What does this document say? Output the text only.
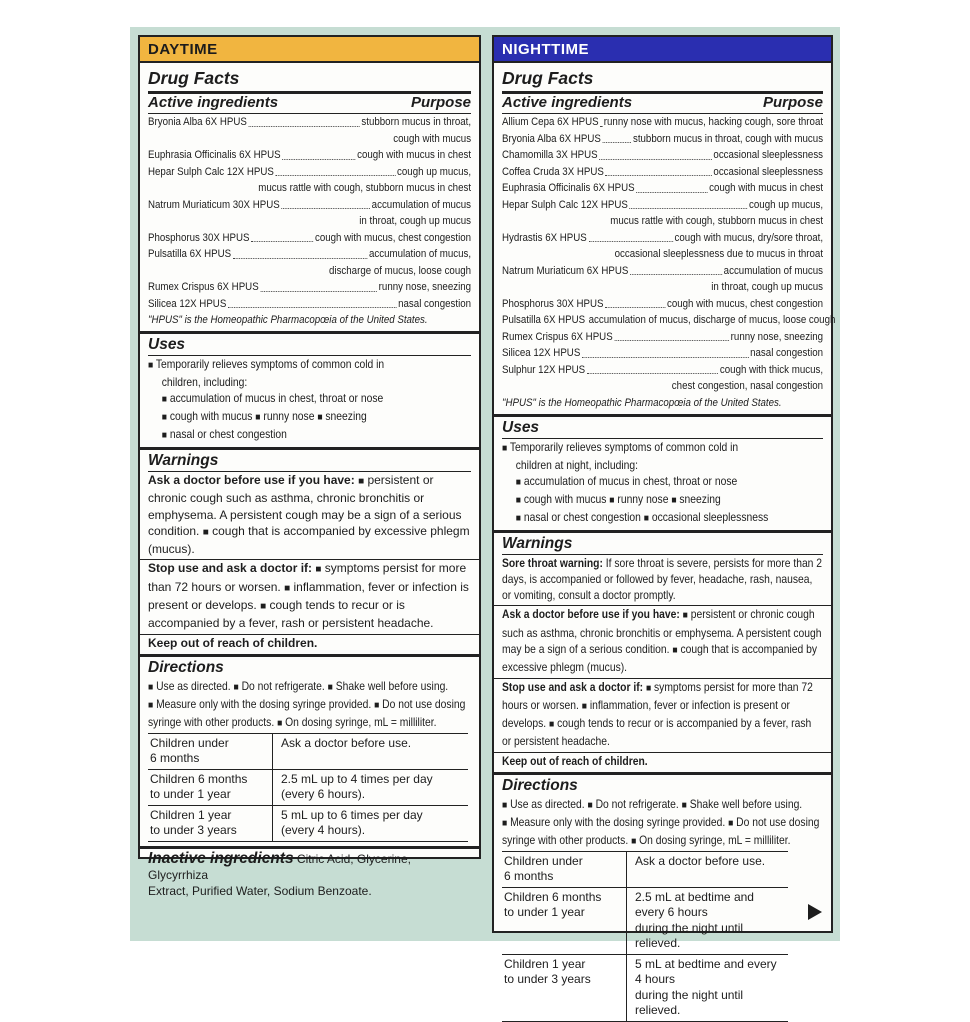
DAYTIME
Drug Facts
Active ingredients	Purpose
Bryonia Alba 6X HPUS	stubborn mucus in throat,
cough with mucus
Euphrasia Officinalis 6X HPUS	cough with mucus in chest
Hepar Sulph Calc 12X HPUS	cough up mucus,
mucus rattle with cough, stubborn mucus in chest
Natrum Muriaticum 30X HPUS	accumulation of mucus
in throat, cough up mucus
Phosphorus 30X HPUS	cough with mucus, chest congestion
Pulsatilla 6X HPUS	accumulation of mucus,
discharge of mucus, loose cough
Rumex Crispus 6X HPUS	runny nose, sneezing
Silicea 12X HPUS	nasal congestion
"HPUS" is the Homeopathic Pharmacopœia of the United States.
Uses
■ Temporarily relieves symptoms of common cold in
children, including:
■ accumulation of mucus in chest, throat or nose
■ cough with mucus ■ runny nose ■ sneezing
■ nasal or chest congestion
Warnings
Ask a doctor before use if you have: ■ persistent or chronic cough such as asthma, chronic bronchitis or emphysema. A persistent cough may be a sign of a serious condition. ■ cough that is accompanied by excessive phlegm (mucus).
Stop use and ask a doctor if: ■ symptoms persist for more than 72 hours or worsen. ■ inflammation, fever or infection is present or develops. ■ cough tends to recur or is accompanied by a fever, rash or persistent headache.
Keep out of reach of children.
Directions
■ Use as directed. ■ Do not refrigerate. ■ Shake well before using.
■ Measure only with the dosing syringe provided. ■ Do not use dosing syringe with other products. ■ On dosing syringe, mL = milliliter.
Children under
6 months	Ask a doctor before use.
Children 6 months
to under 1 year	2.5 mL up to 4 times per day
(every 6 hours).
Children 1 year
to under 3 years	5 mL up to 6 times per day
(every 4 hours).
Inactive ingredients Citric Acid, Glycerine, Glycyrrhiza
Extract, Purified Water, Sodium Benzoate.
NIGHTTIME
Drug Facts
Active ingredients	Purpose
Allium Cepa 6X HPUS runny nose with mucus, hacking cough, sore throat
Bryonia Alba 6X HPUS	stubborn mucus in throat, cough with mucus
Chamomilla 3X HPUS	occasional sleeplessness
Coffea Cruda 3X HPUS	occasional sleeplessness
Euphrasia Officinalis 6X HPUS	cough with mucus in chest
Hepar Sulph Calc 12X HPUS	cough up mucus,
mucus rattle with cough, stubborn mucus in chest
Hydrastis 6X HPUS	cough with mucus, dry/sore throat,
occasional sleeplessness due to mucus in throat
Natrum Muriaticum 6X HPUS	accumulation of mucus
in throat, cough up mucus
Phosphorus 30X HPUS	cough with mucus, chest congestion
Pulsatilla 6X HPUS accumulation of mucus, discharge of mucus, loose cough
Rumex Crispus 6X HPUS	runny nose, sneezing
Silicea 12X HPUS	nasal congestion
Sulphur 12X HPUS	cough with thick mucus,
chest congestion, nasal congestion
"HPUS" is the Homeopathic Pharmacopœia of the United States.
Uses
■ Temporarily relieves symptoms of common cold in
children at night, including:
■ accumulation of mucus in chest, throat or nose
■ cough with mucus ■ runny nose ■ sneezing
■ nasal or chest congestion ■ occasional sleeplessness
Warnings
Sore throat warning: If sore throat is severe, persists for more than 2 days, is accompanied or followed by fever, headache, rash, nausea, or vomiting, consult a doctor promptly.
Ask a doctor before use if you have: ■ persistent or chronic cough such as asthma, chronic bronchitis or emphysema. A persistent cough may be a sign of a serious condition. ■ cough that is accompanied by excessive phlegm (mucus).
Stop use and ask a doctor if: ■ symptoms persist for more than 72 hours or worsen. ■ inflammation, fever or infection is present or develops. ■ cough tends to recur or is accompanied by a fever, rash or persistent headache.
Keep out of reach of children.
Directions
■ Use as directed. ■ Do not refrigerate. ■ Shake well before using.
■ Measure only with the dosing syringe provided. ■ Do not use dosing syringe with other products. ■ On dosing syringe, mL = milliliter.
Children under
6 months	Ask a doctor before use.
Children 6 months
to under 1 year	2.5 mL at bedtime and every 6 hours
during the night until relieved.
Children 1 year
to under 3 years	5 mL at bedtime and every 4 hours
during the night until relieved.
